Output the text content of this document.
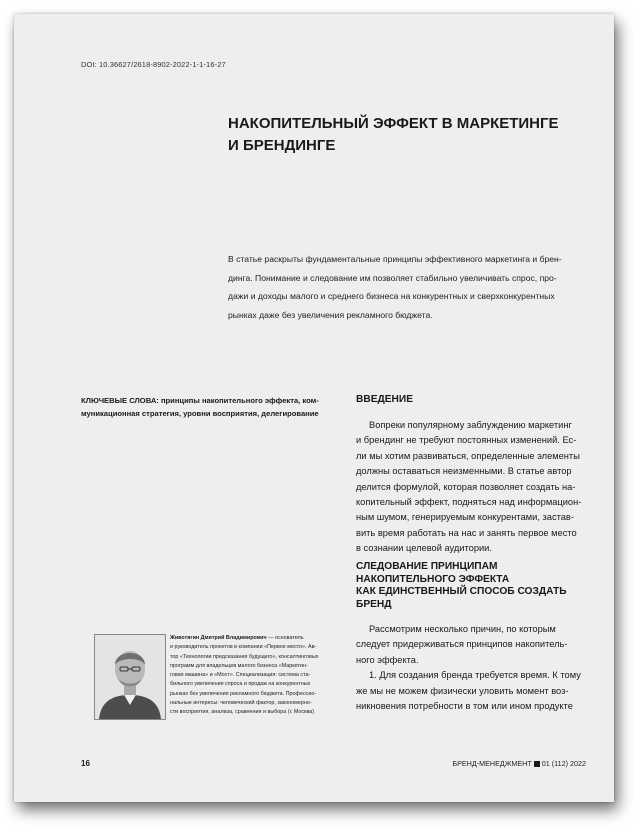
DOI: 10.36627/2618-8902-2022-1-1-16-27
НАКОПИТЕЛЬНЫЙ ЭФФЕКТ В МАРКЕТИНГЕ
И БРЕНДИНГЕ
В статье раскрыты фундаментальные принципы эффективного маркетинга и брен-
динга. Понимание и следование им позволяет стабильно увеличивать спрос, про-
дажи и доходы малого и среднего бизнеса на конкурентных и сверхконкурентных
рынках даже без увеличения рекламного бюджета.
КЛЮЧЕВЫЕ СЛОВА: принципы накопительного эффекта, ком-
муникационная стратегия, уровни восприятия, делегирование
ВВЕДЕНИЕ
Вопреки популярному заблуждению маркетинг
и брендинг не требуют постоянных изменений. Ес-
ли мы хотим развиваться, определенные элементы
должны оставаться неизменными. В статье автор
делится формулой, которая позволяет создать на-
копительный эффект, подняться над информацион-
ным шумом, генерируемым конкурентами, застав-
вить время работать на нас и занять первое место
в сознании целевой аудитории.
СЛЕДОВАНИЕ ПРИНЦИПАМ
НАКОПИТЕЛЬНОГО ЭФФЕКТА
КАК ЕДИНСТВЕННЫЙ СПОСОБ СОЗДАТЬ
БРЕНД
Рассмотрим несколько причин, по которым
следует придерживаться принципов накопитель-
ного эффекта.
1. Для создания бренда требуется время. К тому
же мы не можем физически уловить момент воз-
никновения потребности в том или ином продукте
Животягин Дмитрий Владимирович — основатель
и руководитель проектов в компании «Первое место». Ав-
тор «Технологии предсказания будущего», консалтинговых
программ для владельцев малого бизнеса «Маркетин-
говая машина» и «Мост». Специализация: система ста-
бильного увеличения спроса и продаж на конкурентных
рынках без увеличения рекламного бюджета. Профессио-
нальные интересы: человеческий фактор, закономерно-
сти восприятия, анализа, сравнения и выбора (г. Москва)
16	БРЕНД-МЕНЕДЖМЕНТ 01 (112) 2022
